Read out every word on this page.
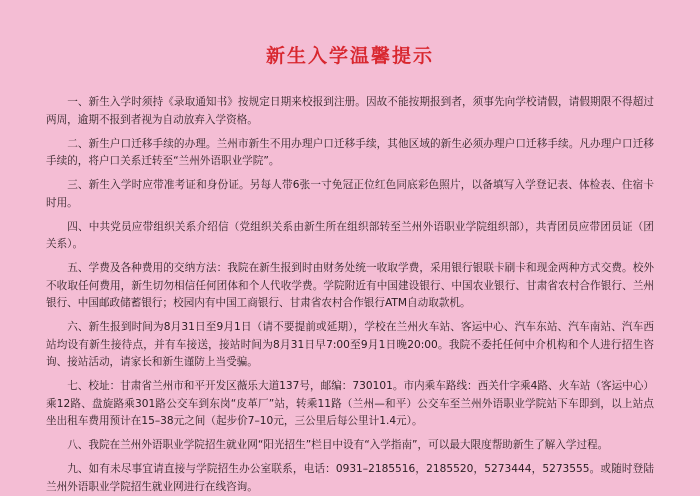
新生入学温馨提示

一、新生入学时须持《录取通知书》按规定日期来校报到注册。因故不能按期报到者，须事先向学校请假，请假期限不得超过两周，逾期不报到者视为自动放弃入学资格。

二、新生户口迁移手续的办理。兰州市新生不用办理户口迁移手续，其他区域的新生必须办理户口迁移手续。凡办理户口迁移手续的，将户口关系迁转至“兰州外语职业学院”。

三、新生入学时应带准考证和身份证。另每人带6张一寸免冠正位红色同底彩色照片，以备填写入学登记表、体检表、住宿卡时用。

四、中共党员应带组织关系介绍信（党组织关系由新生所在组织部转至兰州外语职业学院组织部），共青团员应带团员证（团关系）。

五、学费及各种费用的交纳方法：我院在新生报到时由财务处统一收取学费，采用银行银联卡刷卡和现金两种方式交费。校外不收取任何费用，新生切勿相信任何团体和个人代收学费。学院附近有中国建设银行、中国农业银行、甘肃省农村合作银行、兰州银行、中国邮政储蓄银行；校园内有中国工商银行、甘肃省农村合作银行ATM自动取款机。

六、新生报到时间为8月31日至9月1日（请不要提前或延期），学校在兰州火车站、客运中心、汽车东站、汽车南站、汽车西站均设有新生接待点，并有车接送，接站时间为8月31日早7:00至9月1日晚20:00。我院不委托任何中介机构和个人进行招生咨询、接站活动，请家长和新生谨防上当受骗。

七、校址：甘肃省兰州市和平开发区薇乐大道137号，邮编：730101。市内乘车路线：西关什字乘4路、火车站（客运中心）乘12路、盘旋路乘301路公交车到东岗“皮革厂”站，转乘11路（兰州—和平）公交车至兰州外语职业学院站下车即到，以上站点坐出租车费用预计在15–38元之间（起步价7–10元，三公里后每公里计1.4元）。

八、我院在兰州外语职业学院招生就业网“阳光招生”栏目中设有“入学指南”，可以最大限度帮助新生了解入学过程。

九、如有未尽事宜请直接与学院招生办公室联系，电话：0931–2185516，2185520，5273444，5273555。或随时登陆兰州外语职业学院招生就业网进行在线咨询。
